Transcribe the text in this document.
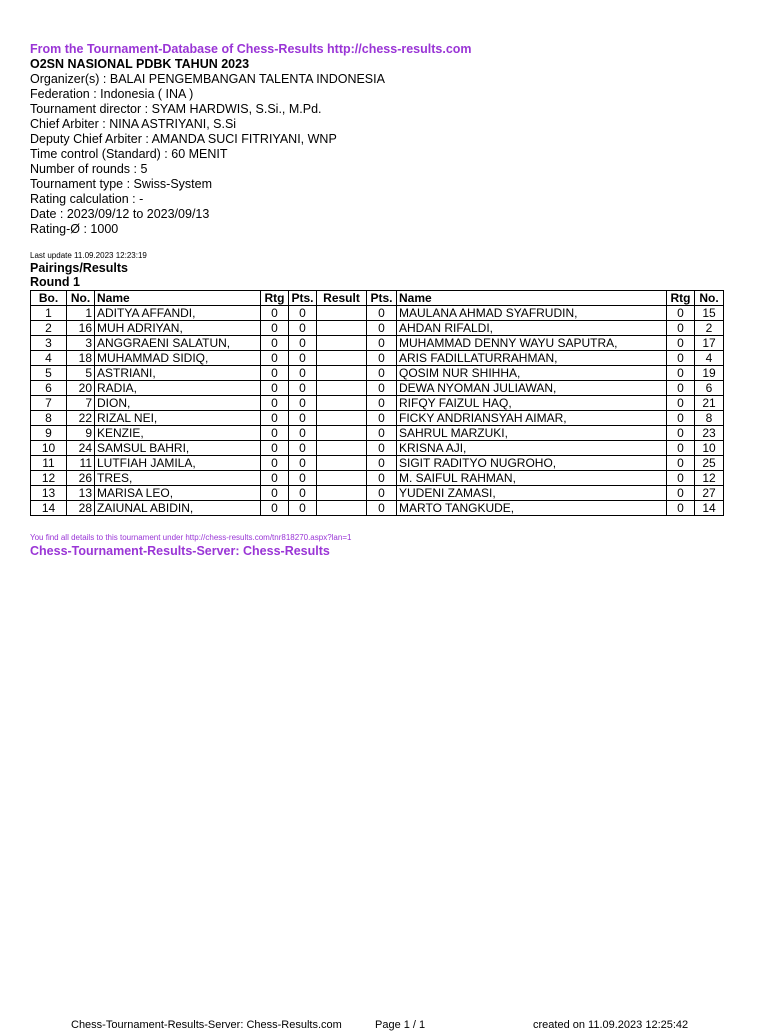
From the Tournament-Database of Chess-Results http://chess-results.com
O2SN NASIONAL PDBK TAHUN 2023
Organizer(s) : BALAI PENGEMBANGAN TALENTA INDONESIA
Federation : Indonesia ( INA )
Tournament director : SYAM HARDWIS, S.Si., M.Pd.
Chief Arbiter : NINA ASTRIYANI, S.Si
Deputy Chief Arbiter : AMANDA SUCI FITRIYANI, WNP
Time control (Standard) : 60 MENIT
Number of rounds : 5
Tournament type : Swiss-System
Rating calculation : -
Date : 2023/09/12 to 2023/09/13
Rating-Ø : 1000
Last update 11.09.2023 12:23:19
Pairings/Results
Round 1
Bo.	No.	Name	Rtg	Pts.	Result	Pts.	Name	Rtg	No.
1	1	ADITYA AFFANDI,	0	0		0	MAULANA AHMAD SYAFRUDIN,	0	15
2	16	MUH ADRIYAN,	0	0		0	AHDAN RIFALDI,	0	2
3	3	ANGGRAENI SALATUN,	0	0		0	MUHAMMAD DENNY WAYU SAPUTRA,	0	17
4	18	MUHAMMAD SIDIQ,	0	0		0	ARIS FADILLATURRAHMAN,	0	4
5	5	ASTRIANI,	0	0		0	QOSIM NUR SHIHHA,	0	19
6	20	RADIA,	0	0		0	DEWA NYOMAN JULIAWAN,	0	6
7	7	DION,	0	0		0	RIFQY FAIZUL HAQ,	0	21
8	22	RIZAL NEI,	0	0		0	FICKY ANDRIANSYAH AIMAR,	0	8
9	9	KENZIE,	0	0		0	SAHRUL MARZUKI,	0	23
10	24	SAMSUL BAHRI,	0	0		0	KRISNA AJI,	0	10
11	11	LUTFIAH JAMILA,	0	0		0	SIGIT RADITYO NUGROHO,	0	25
12	26	TRES,	0	0		0	M. SAIFUL RAHMAN,	0	12
13	13	MARISA LEO,	0	0		0	YUDENI ZAMASI,	0	27
14	28	ZAIUNAL ABIDIN,	0	0		0	MARTO TANGKUDE,	0	14
You find all details to this tournament under http://chess-results.com/tnr818270.aspx?lan=1
Chess-Tournament-Results-Server: Chess-Results
Chess-Tournament-Results-Server: Chess-Results.com	Page 1 / 1	created on 11.09.2023 12:25:42
